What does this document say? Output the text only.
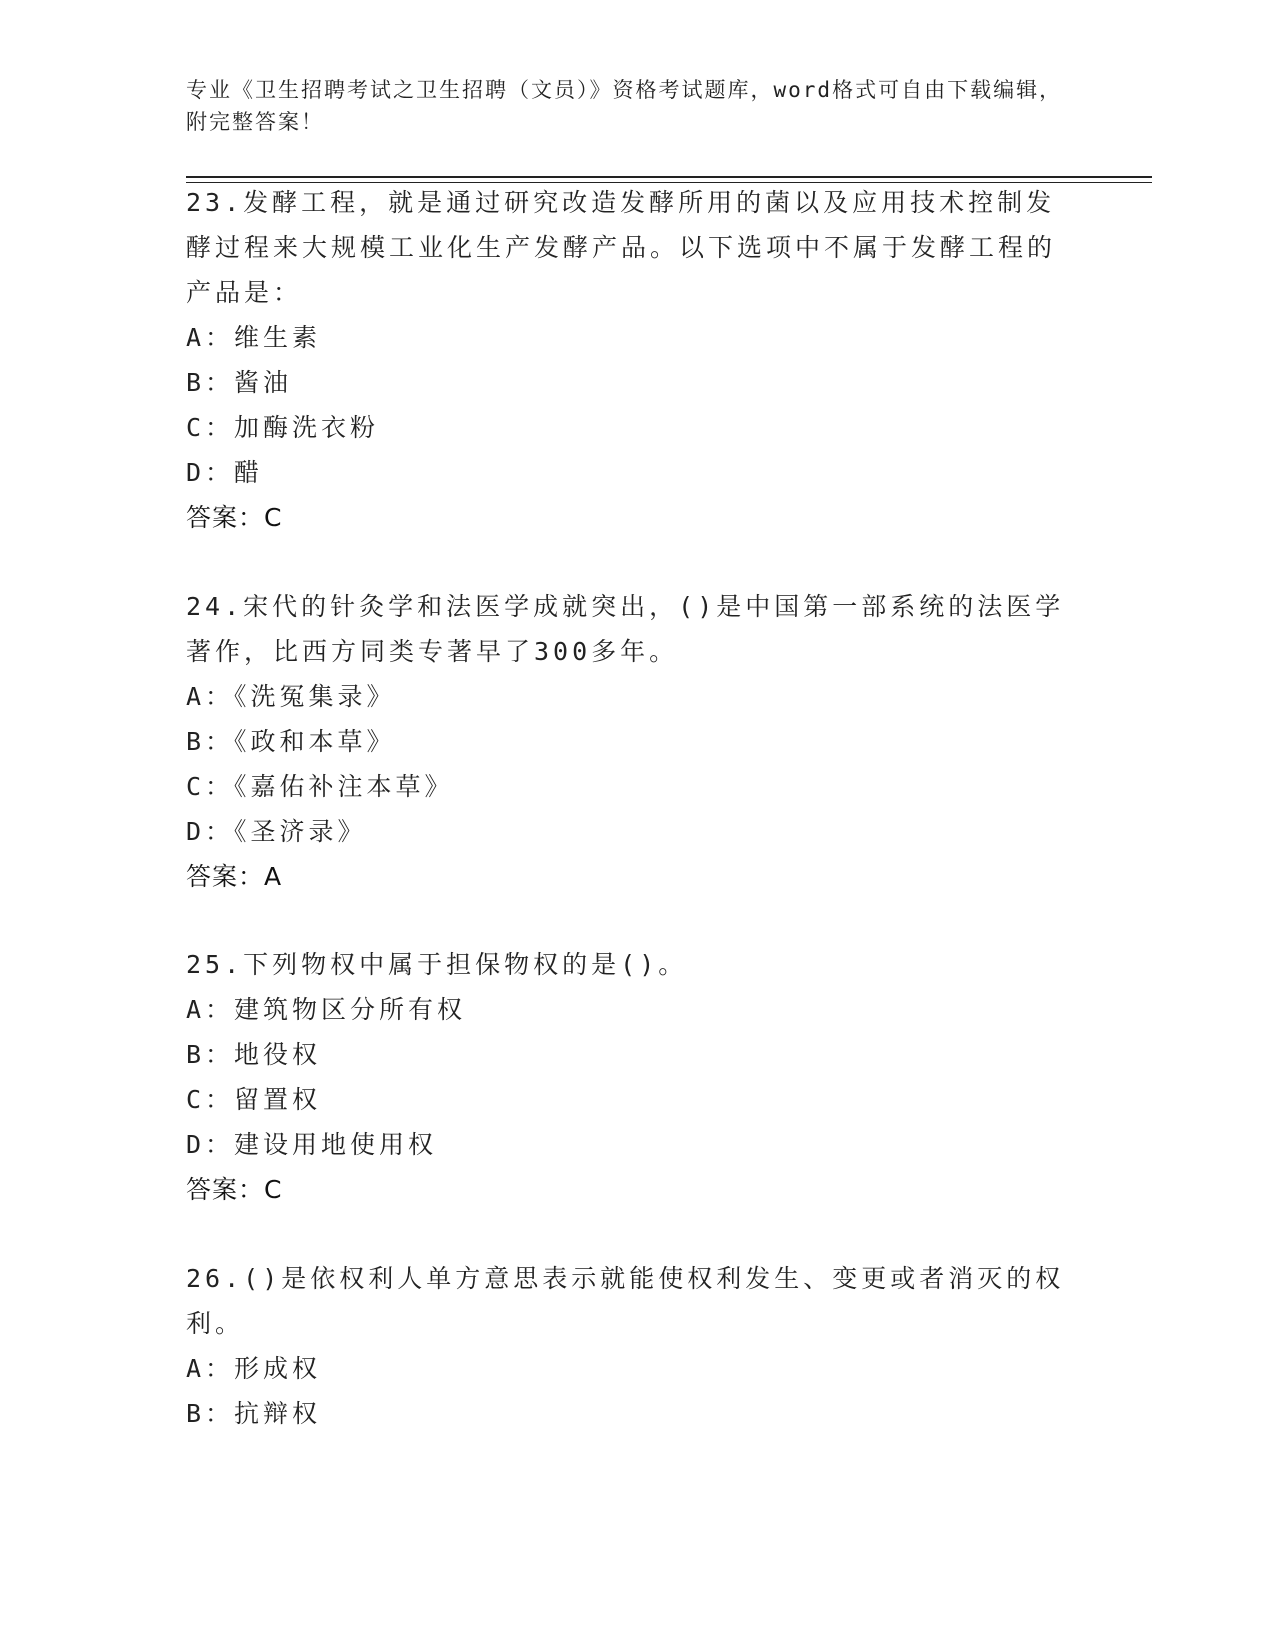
专业《卫生招聘考试之卫生招聘（文员）》资格考试题库，word格式可自由下载编辑，附完整答案！

23.发酵工程，就是通过研究改造发酵所用的菌以及应用技术控制发酵过程来大规模工业化生产发酵产品。以下选项中不属于发酵工程的产品是：

A：维生素

B：酱油

C：加酶洗衣粉

D：醋

答案：C

24.宋代的针灸学和法医学成就突出，()是中国第一部系统的法医学著作，比西方同类专著早了300多年。

A：《洗冤集录》

B：《政和本草》

C：《嘉佑补注本草》

D：《圣济录》

答案：A

25.下列物权中属于担保物权的是()。

A：建筑物区分所有权

B：地役权

C：留置权

D：建设用地使用权

答案：C

26.()是依权利人单方意思表示就能使权利发生、变更或者消灭的权利。

A：形成权

B：抗辩权
